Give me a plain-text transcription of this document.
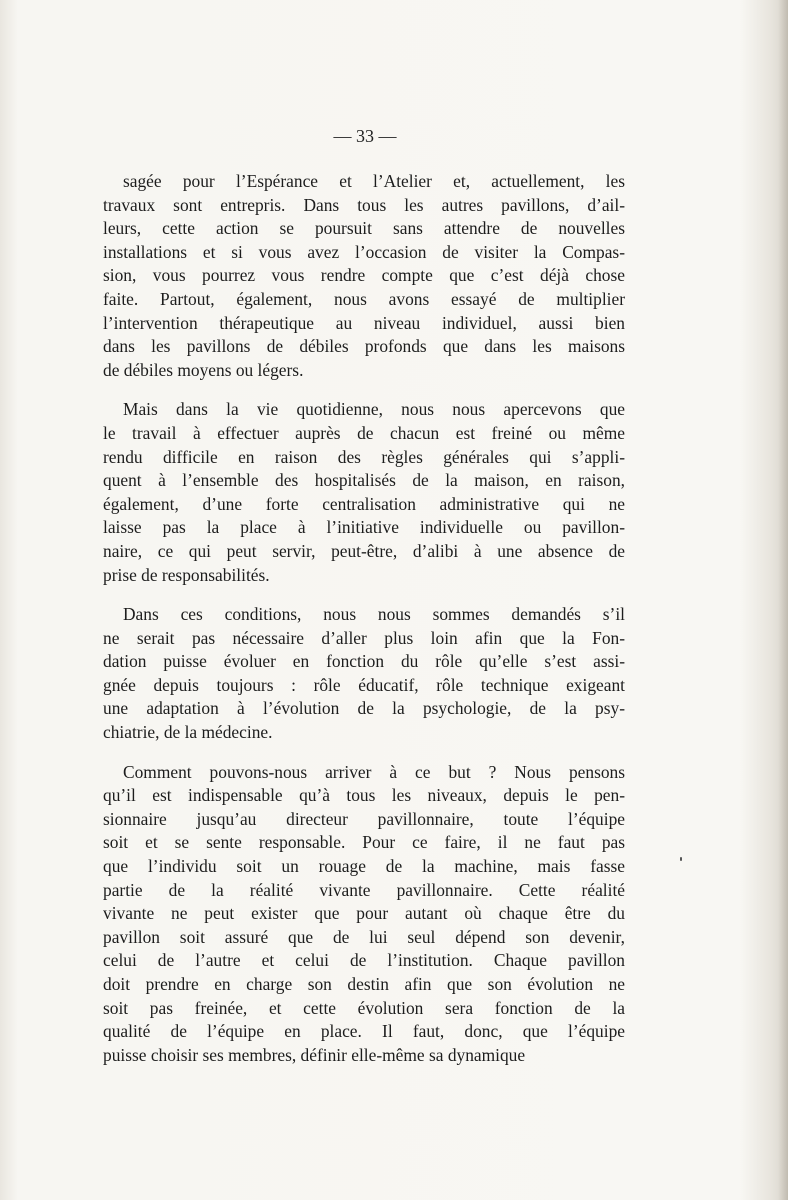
— 33 —
sagée pour l’Espérance et l’Atelier et, actuellement, les
travaux sont entrepris. Dans tous les autres pavillons, d’ail-
leurs, cette action se poursuit sans attendre de nouvelles
installations et si vous avez l’occasion de visiter la Compas-
sion, vous pourrez vous rendre compte que c’est déjà chose
faite. Partout, également, nous avons essayé de multiplier
l’intervention thérapeutique au niveau individuel, aussi bien
dans les pavillons de débiles profonds que dans les maisons
de débiles moyens ou légers.
Mais dans la vie quotidienne, nous nous apercevons que
le travail à effectuer auprès de chacun est freiné ou même
rendu difficile en raison des règles générales qui s’appli-
quent à l’ensemble des hospitalisés de la maison, en raison,
également, d’une forte centralisation administrative qui ne
laisse pas la place à l’initiative individuelle ou pavillon-
naire, ce qui peut servir, peut-être, d’alibi à une absence de
prise de responsabilités.
Dans ces conditions, nous nous sommes demandés s’il
ne serait pas nécessaire d’aller plus loin afin que la Fon-
dation puisse évoluer en fonction du rôle qu’elle s’est assi-
gnée depuis toujours : rôle éducatif, rôle technique exigeant
une adaptation à l’évolution de la psychologie, de la psy-
chiatrie, de la médecine.
Comment pouvons-nous arriver à ce but ? Nous pensons
qu’il est indispensable qu’à tous les niveaux, depuis le pen-
sionnaire jusqu’au directeur pavillonnaire, toute l’équipe
soit et se sente responsable. Pour ce faire, il ne faut pas
que l’individu soit un rouage de la machine, mais fasse
partie de la réalité vivante pavillonnaire. Cette réalité
vivante ne peut exister que pour autant où chaque être du
pavillon soit assuré que de lui seul dépend son devenir,
celui de l’autre et celui de l’institution. Chaque pavillon
doit prendre en charge son destin afin que son évolution ne
soit pas freinée, et cette évolution sera fonction de la
qualité de l’équipe en place. Il faut, donc, que l’équipe
puisse choisir ses membres, définir elle-même sa dynamique
